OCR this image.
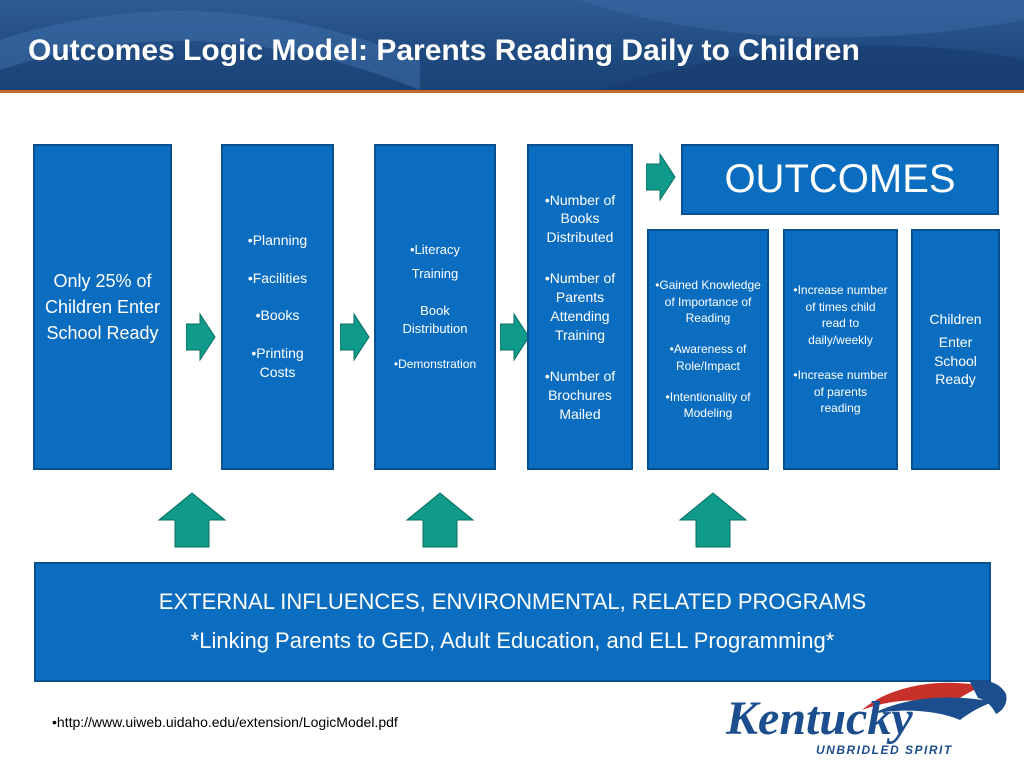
Outcomes Logic Model: Parents Reading Daily to Children

Only 25% of Children Enter School Ready

•Planning

•Facilities

•Books

•Printing Costs

•Literacy

Training

Book Distribution

•Demonstration

•Number of Books Distributed

•Number of Parents Attending Training

•Number of Brochures Mailed

OUTCOMES

•Gained Knowledge of Importance of Reading

•Awareness of Role/Impact

•Intentionality of Modeling

•Increase number of times child read to daily/weekly

•Increase number of parents reading

Children

Enter

School

Ready

EXTERNAL INFLUENCES, ENVIRONMENTAL, RELATED PROGRAMS

*Linking Parents to GED, Adult Education, and ELL Programming*

•http://www.uiweb.uidaho.edu/extension/LogicModel.pdf	Kentucky
UNBRIDLED SPIRIT
